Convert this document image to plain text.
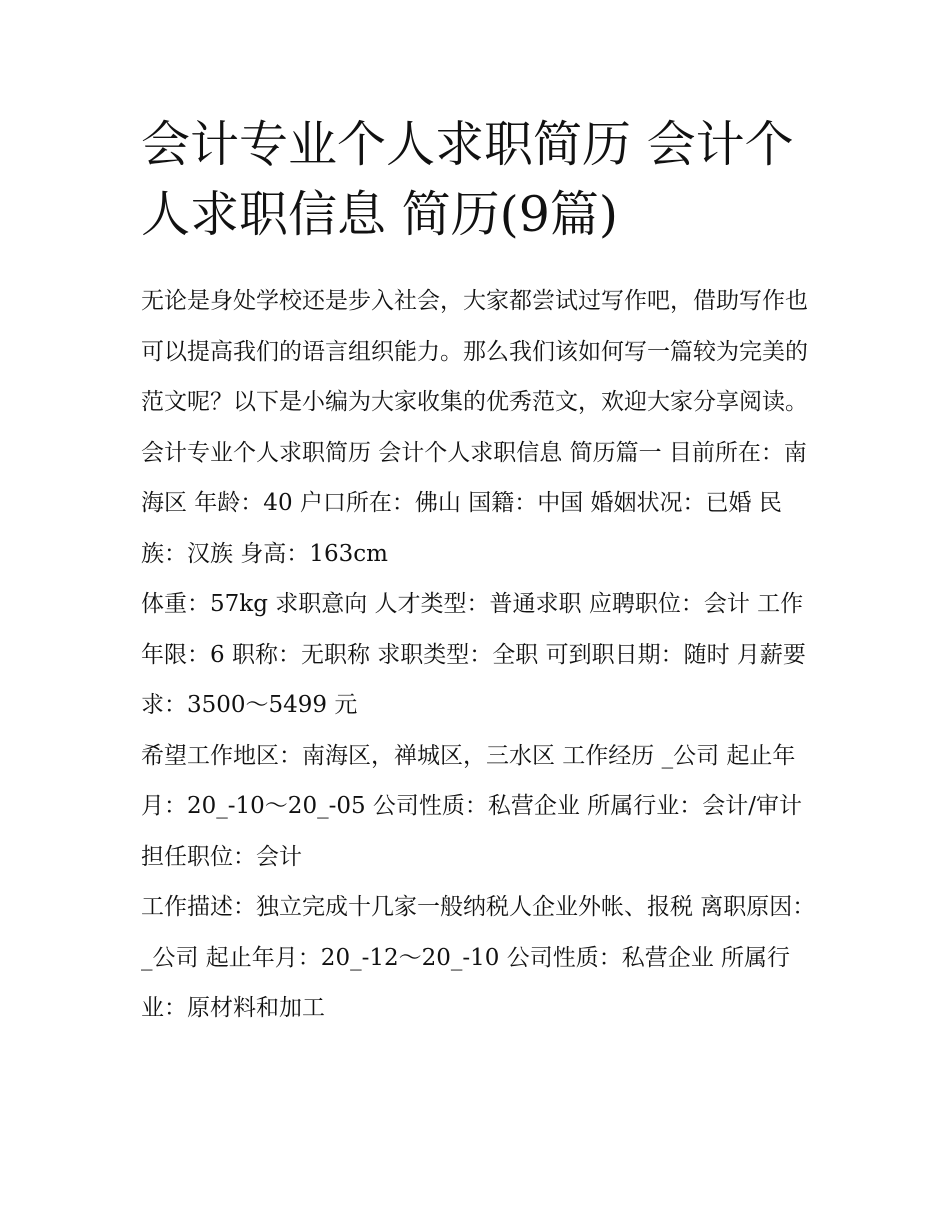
会计专业个人求职简历 会计个人求职信息 简历(9篇)

无论是身处学校还是步入社会，大家都尝试过写作吧，借助写作也可以提高我们的语言组织能力。那么我们该如何写一篇较为完美的范文呢？以下是小编为大家收集的优秀范文，欢迎大家分享阅读。

会计专业个人求职简历 会计个人求职信息 简历篇一 目前所在：南海区 年龄：40 户口所在：佛山 国籍：中国 婚姻状况：已婚 民族：汉族 身高：163cm

体重：57kg 求职意向 人才类型：普通求职 应聘职位：会计 工作年限：6 职称：无职称 求职类型：全职 可到职日期：随时 月薪要求：3500～5499 元

希望工作地区：南海区，禅城区，三水区 工作经历 _公司 起止年月：20_-10～20_-05 公司性质：私营企业 所属行业：会计/审计 担任职位：会计

工作描述：独立完成十几家一般纳税人企业外帐、报税 离职原因： _公司 起止年月：20_-12～20_-10 公司性质：私营企业 所属行业：原材料和加工
